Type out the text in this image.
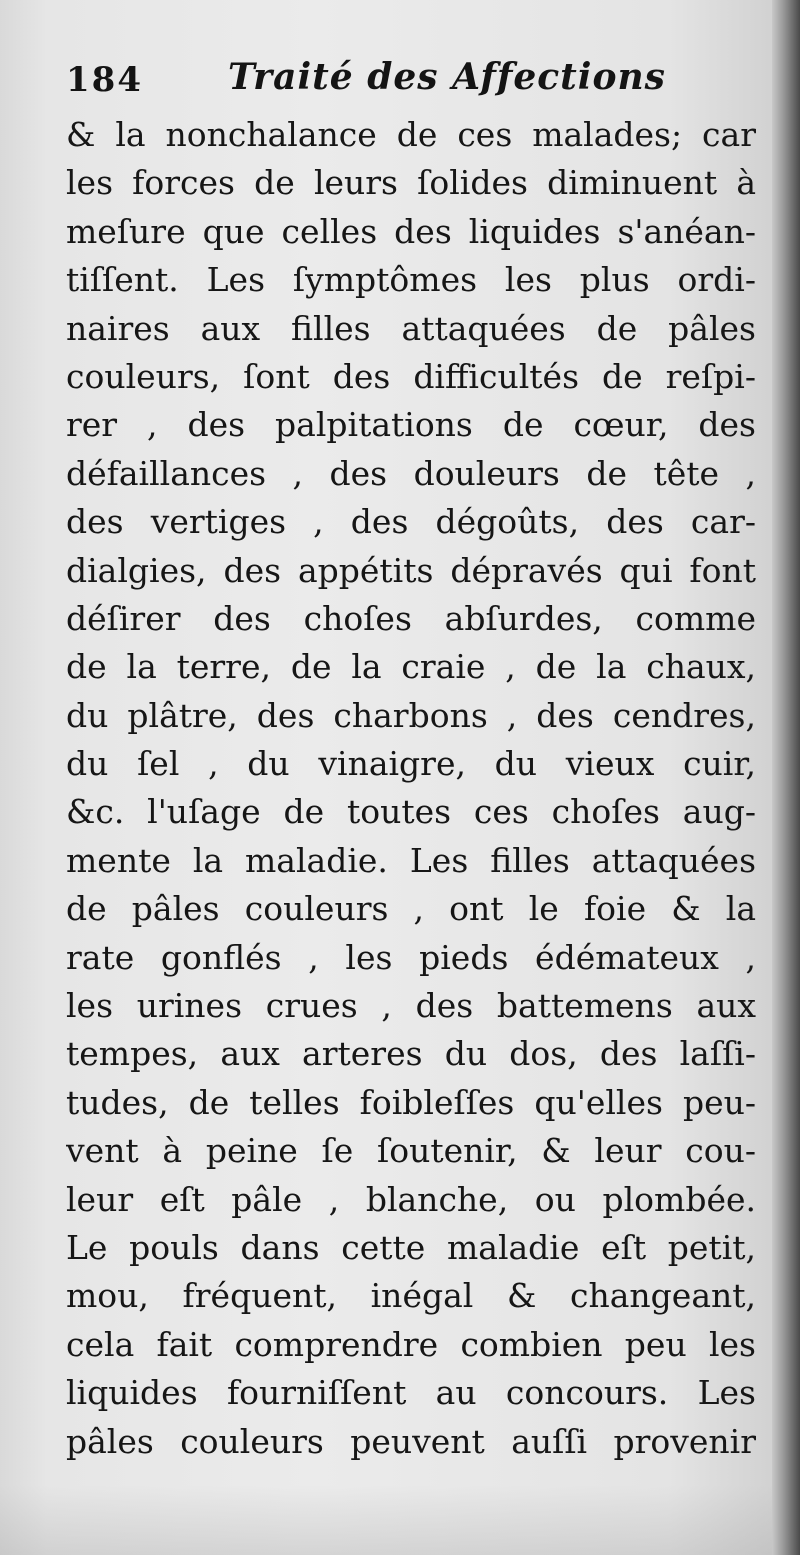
184 Traité des Affections
& la nonchalance de ces malades; car
les forces de leurs ſolides diminuent à
meſure que celles des liquides s'anéan-
tiſſent. Les ſymptômes les plus ordi-
naires aux filles attaquées de pâles
couleurs, ſont des difficultés de reſpi-
rer , des palpitations de cœur, des
défaillances , des douleurs de tête ,
des vertiges , des dégoûts, des car-
dialgies, des appétits dépravés qui font
déſirer des choſes abſurdes, comme
de la terre, de la craie , de la chaux,
du plâtre, des charbons , des cendres,
du ſel , du vinaigre, du vieux cuir,
&c. l'uſage de toutes ces choſes aug-
mente la maladie. Les filles attaquées
de pâles couleurs , ont le foie & la
rate gonflés , les pieds édémateux ,
les urines crues , des battemens aux
tempes, aux arteres du dos, des laſſi-
tudes, de telles foibleſſes qu'elles peu-
vent à peine ſe ſoutenir, & leur cou-
leur eſt pâle , blanche, ou plombée.
Le pouls dans cette maladie eſt petit,
mou, fréquent, inégal & changeant,
cela fait comprendre combien peu les
liquides fourniſſent au concours. Les
pâles couleurs peuvent auſſi provenir
